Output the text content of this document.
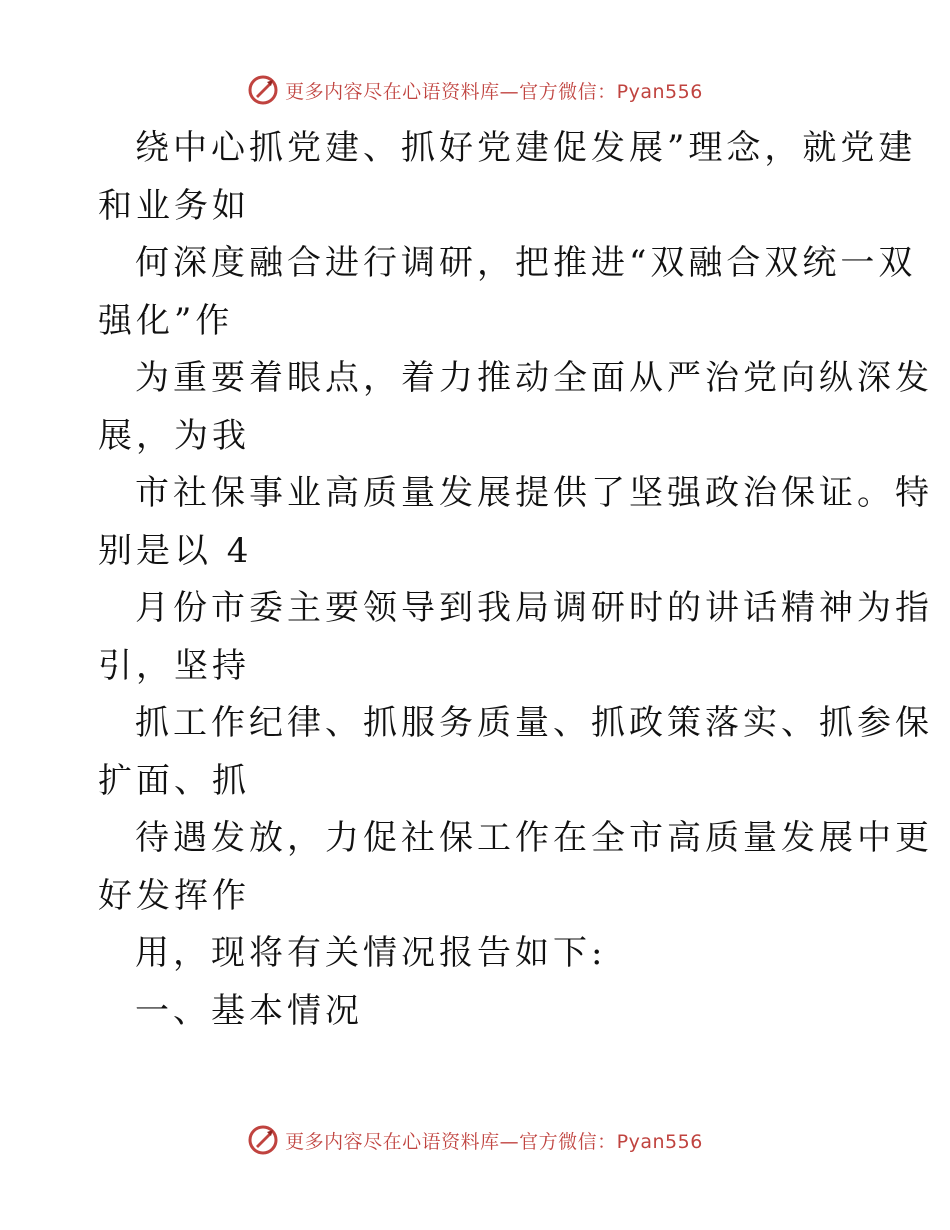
更多内容尽在心语资料库—官方微信：Pyan556

绕中心抓党建、抓好党建促发展”理念，就党建
和业务如

何深度融合进行调研，把推进“双融合双统一双
强化”作

为重要着眼点，着力推动全面从严治党向纵深发
展，为我

市社保事业高质量发展提供了坚强政治保证。特
别是以 4

月份市委主要领导到我局调研时的讲话精神为指
引，坚持

抓工作纪律、抓服务质量、抓政策落实、抓参保
扩面、抓

待遇发放，力促社保工作在全市高质量发展中更
好发挥作

用，现将有关情况报告如下:

一、基本情况

更多内容尽在心语资料库—官方微信：Pyan556
